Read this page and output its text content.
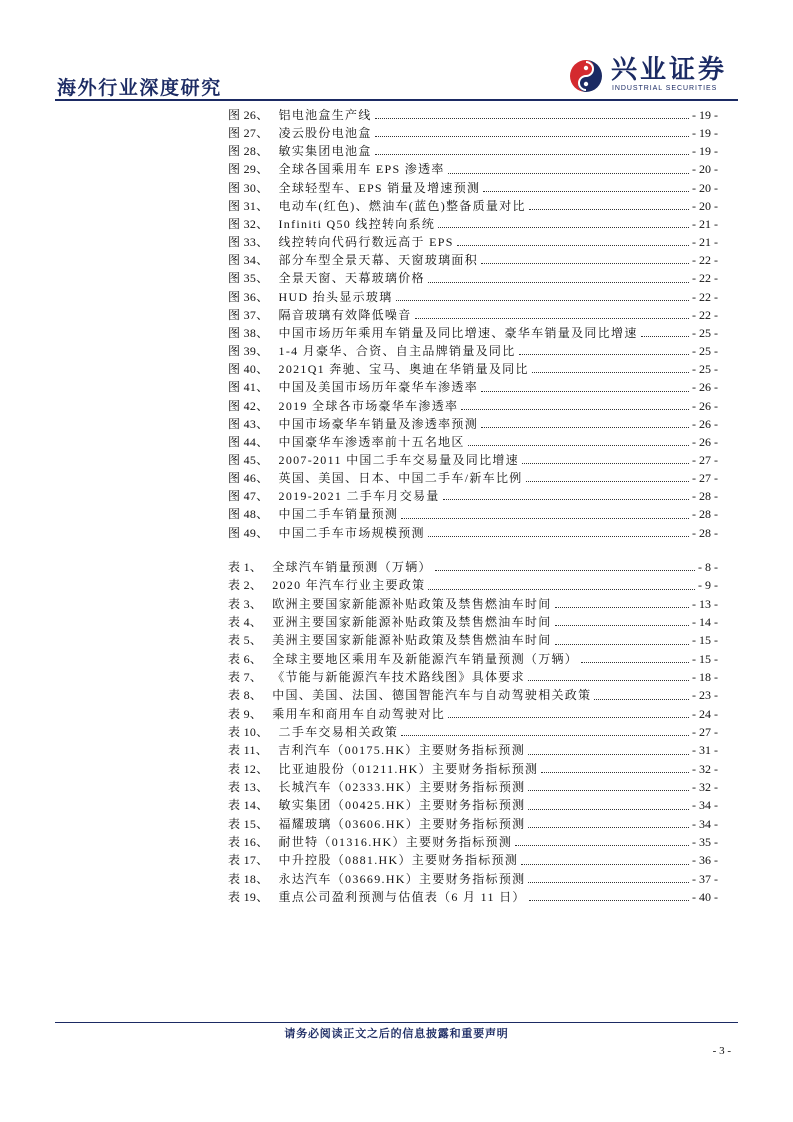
海外行业深度研究
兴业证券
INDUSTRIAL SECURITIES
图 26、 铝电池盒生产线	- 19 -
图 27、 凌云股份电池盒	- 19 -
图 28、 敏实集团电池盒	- 19 -
图 29、 全球各国乘用车 EPS 渗透率	- 20 -
图 30、 全球轻型车、EPS 销量及增速预测	- 20 -
图 31、 电动车(红色)、燃油车(蓝色)整备质量对比	- 20 -
图 32、 Infiniti Q50 线控转向系统	- 21 -
图 33、 线控转向代码行数远高于 EPS	- 21 -
图 34、 部分车型全景天幕、天窗玻璃面积	- 22 -
图 35、 全景天窗、天幕玻璃价格	- 22 -
图 36、 HUD 抬头显示玻璃	- 22 -
图 37、 隔音玻璃有效降低噪音	- 22 -
图 38、 中国市场历年乘用车销量及同比增速、豪华车销量及同比增速	- 25 -
图 39、 1-4 月豪华、合资、自主品牌销量及同比	- 25 -
图 40、 2021Q1 奔驰、宝马、奥迪在华销量及同比	- 25 -
图 41、 中国及美国市场历年豪华车渗透率	- 26 -
图 42、 2019 全球各市场豪华车渗透率	- 26 -
图 43、 中国市场豪华车销量及渗透率预测	- 26 -
图 44、 中国豪华车渗透率前十五名地区	- 26 -
图 45、 2007-2011 中国二手车交易量及同比增速	- 27 -
图 46、 英国、美国、日本、中国二手车/新车比例	- 27 -
图 47、 2019-2021 二手车月交易量	- 28 -
图 48、 中国二手车销量预测	- 28 -
图 49、 中国二手车市场规模预测	- 28 -
表 1、 全球汽车销量预测（万辆）	- 8 -
表 2、 2020 年汽车行业主要政策	- 9 -
表 3、 欧洲主要国家新能源补贴政策及禁售燃油车时间	- 13 -
表 4、 亚洲主要国家新能源补贴政策及禁售燃油车时间	- 14 -
表 5、 美洲主要国家新能源补贴政策及禁售燃油车时间	- 15 -
表 6、 全球主要地区乘用车及新能源汽车销量预测（万辆）	- 15 -
表 7、 《节能与新能源汽车技术路线图》具体要求	- 18 -
表 8、 中国、美国、法国、德国智能汽车与自动驾驶相关政策	- 23 -
表 9、 乘用车和商用车自动驾驶对比	- 24 -
表 10、 二手车交易相关政策	- 27 -
表 11、 吉利汽车（00175.HK）主要财务指标预测	- 31 -
表 12、 比亚迪股份（01211.HK）主要财务指标预测	- 32 -
表 13、 长城汽车（02333.HK）主要财务指标预测	- 32 -
表 14、 敏实集团（00425.HK）主要财务指标预测	- 34 -
表 15、 福耀玻璃（03606.HK）主要财务指标预测	- 34 -
表 16、 耐世特（01316.HK）主要财务指标预测	- 35 -
表 17、 中升控股（0881.HK）主要财务指标预测	- 36 -
表 18、 永达汽车（03669.HK）主要财务指标预测	- 37 -
表 19、 重点公司盈利预测与估值表（6 月 11 日）	- 40 -
请务必阅读正文之后的信息披露和重要声明
- 3 -
